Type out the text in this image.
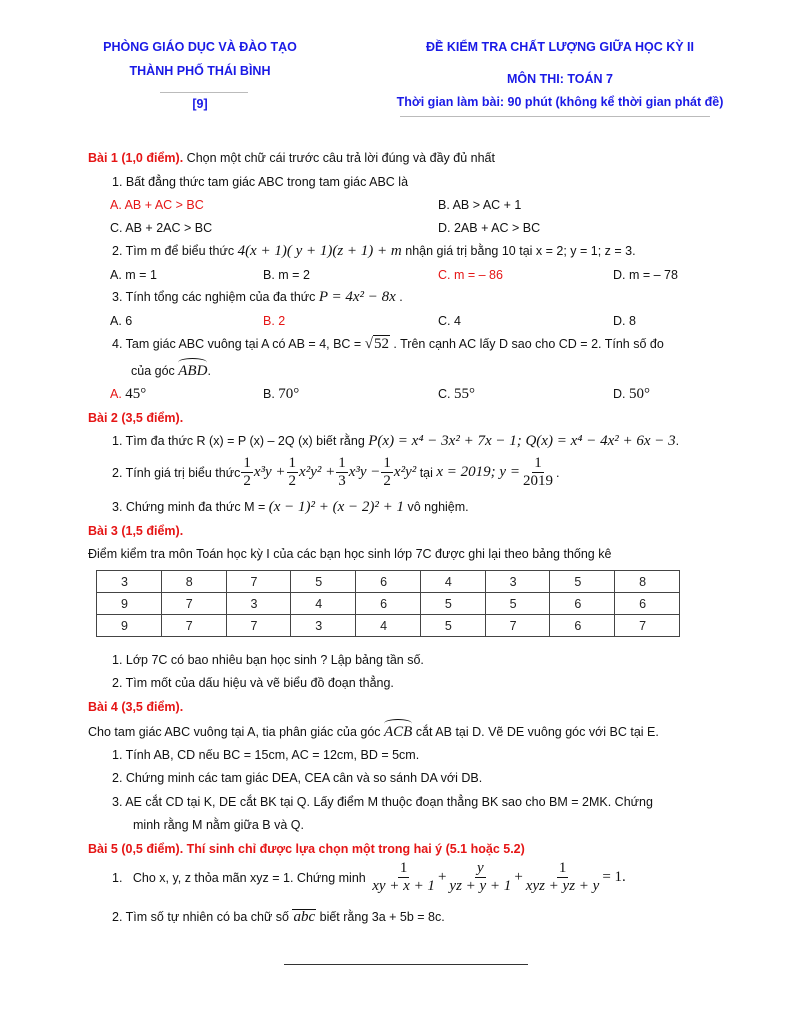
PHÒNG GIÁO DỤC VÀ ĐÀO TẠO
THÀNH PHỐ THÁI BÌNH
[9]
ĐỀ KIỂM TRA CHẤT LƯỢNG GIỮA HỌC KỲ II
MÔN THI: TOÁN 7
Thời gian làm bài: 90 phút (không kể thời gian phát đề)
Bài 1 (1,0 điểm). Chọn một chữ cái trước câu trả lời đúng và đầy đủ nhất
1. Bất đẳng thức tam giác ABC trong tam giác ABC là
A. AB + AC > BC	B. AB > AC + 1
C. AB + 2AC > BC	D. 2AB + AC > BC
2. Tìm m để biểu thức 4(x + 1)( y + 1)(z + 1) + m nhận giá trị bằng 10 tại x = 2; y = 1; z = 3.
A. m = 1	B. m = 2	C. m = – 86	D. m = – 78
3. Tính tổng các nghiệm của đa thức P = 4x² − 8x .
A. 6	B. 2	C. 4	D. 8
4. Tam giác ABC vuông tại A có AB = 4, BC = √52 . Trên cạnh AC lấy D sao cho CD = 2. Tính số đo
của góc ABD.
A. 45°	B. 70°	C. 55°	D. 50°
Bài 2 (3,5 điểm).
1. Tìm đa thức R (x) = P (x) – 2Q (x) biết rằng P(x) = x⁴ − 3x² + 7x − 1; Q(x) = x⁴ − 4x² + 6x − 3.
2. Tính giá trị biểu thức $\frac{1}{2} x^3y + \frac{1}{2} x^2y^2 + \frac{1}{3} x^3y - \frac{1}{2} x^2y^2$ tại x = 2019; $y = \frac{1}{2019}$ .
3. Chứng minh đa thức M = (x − 1)² + (x − 2)² + 1 vô nghiệm.
Bài 3 (1,5 điểm).
Điểm kiểm tra môn Toán học kỳ I của các bạn học sinh lớp 7C được ghi lại theo bảng thống kê
3	8	7	5	6	4	3	5	8
9	7	3	4	6	5	5	6	6
9	7	7	3	4	5	7	6	7
1. Lớp 7C có bao nhiêu bạn học sinh ? Lập bảng tần số.
2. Tìm mốt của dấu hiệu và vẽ biểu đồ đoạn thẳng.
Bài 4 (3,5 điểm).
Cho tam giác ABC vuông tại A, tia phân giác của góc ACB cắt AB tại D. Vẽ DE vuông góc với BC tại E.
1. Tính AB, CD nếu BC = 15cm, AC = 12cm, BD = 5cm.
2. Chứng minh các tam giác DEA, CEA cân và so sánh DA với DB.
3. AE cắt CD tại K, DE cắt BK tại Q. Lấy điểm M thuộc đoạn thẳng BK sao cho BM = 2MK. Chứng
minh rằng M nằm giữa B và Q.
Bài 5 (0,5 điểm). Thí sinh chỉ được lựa chọn một trong hai ý (5.1 hoặc 5.2)
1.   Cho x, y, z thỏa mãn xyz = 1. Chứng minh $\frac{1}{xy + x + 1} + \frac{y}{yz + y + 1} + \frac{1}{\text{xyz + yz + y}} = 1$.
2. Tìm số tự nhiên có ba chữ số abc biết rằng 3a + 5b = 8c.
